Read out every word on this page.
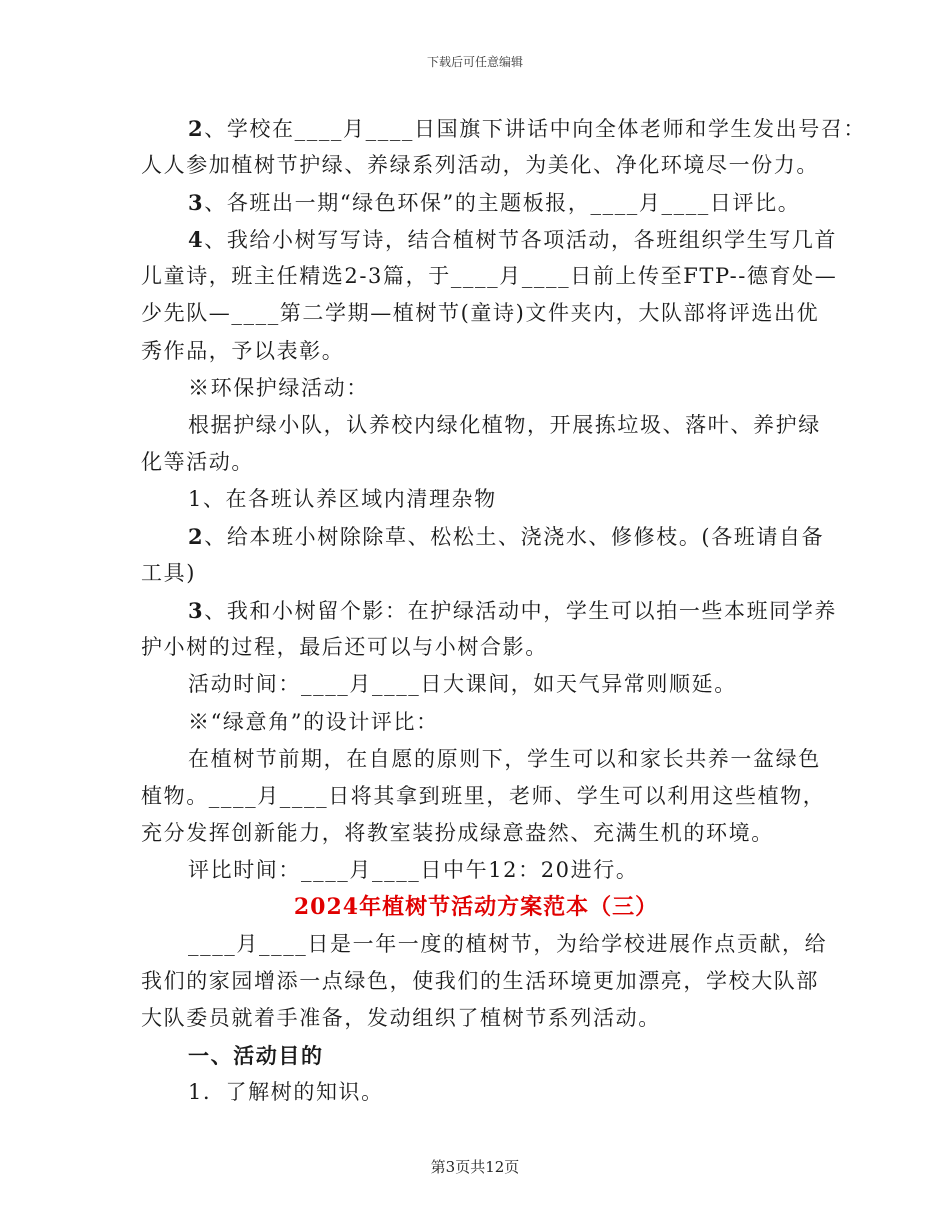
下载后可任意编辑
2、学校在____月____日国旗下讲话中向全体老师和学生发出号召：
人人参加植树节护绿、养绿系列活动，为美化、净化环境尽一份力。
3、各班出一期“绿色环保”的主题板报，____月____日评比。
4、我给小树写写诗，结合植树节各项活动，各班组织学生写几首
儿童诗，班主任精选2-3篇，于____月____日前上传至FTP--德育处—
少先队—____第二学期—植树节(童诗)文件夹内，大队部将评选出优
秀作品，予以表彰。
※环保护绿活动：
根据护绿小队，认养校内绿化植物，开展拣垃圾、落叶、养护绿
化等活动。
1、在各班认养区域内清理杂物
2、给本班小树除除草、松松土、浇浇水、修修枝。(各班请自备
工具)
3、我和小树留个影：在护绿活动中，学生可以拍一些本班同学养
护小树的过程，最后还可以与小树合影。
活动时间：____月____日大课间，如天气异常则顺延。
※“绿意角”的设计评比：
在植树节前期，在自愿的原则下，学生可以和家长共养一盆绿色
植物。____月____日将其拿到班里，老师、学生可以利用这些植物，
充分发挥创新能力，将教室装扮成绿意盎然、充满生机的环境。
评比时间：____月____日中午12：20进行。
2024年植树节活动方案范本（三）
____月____日是一年一度的植树节，为给学校进展作点贡献，给
我们的家园增添一点绿色，使我们的生活环境更加漂亮，学校大队部
大队委员就着手准备，发动组织了植树节系列活动。
一、活动目的
1．了解树的知识。
第3页共12页
